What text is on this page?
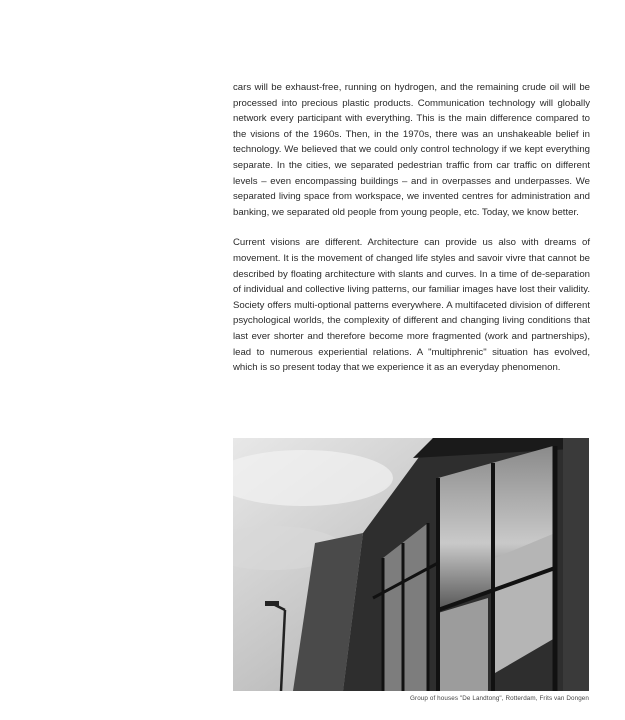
cars will be exhaust-free, running on hydrogen, and the remaining crude oil will be processed into precious plastic products. Communication technology will globally network every participant with everything. This is the main difference compared to the visions of the 1960s. Then, in the 1970s, there was an unshakeable belief in technology. We believed that we could only control technology if we kept everything separate. In the cities, we separated pedestrian traffic from car traffic on different levels – even encompassing buildings – and in overpasses and underpasses. We separated living space from workspace, we invented centres for administration and banking, we separated old people from young people, etc. Today, we know better.

Current visions are different. Architecture can provide us also with dreams of movement. It is the movement of changed life styles and savoir vivre that cannot be described by floating architecture with slants and curves. In a time of de-separation of individual and collective living patterns, our familiar images have lost their validity. Society offers multi-optional patterns everywhere. A multifaceted division of different psychological worlds, the complexity of different and changing living conditions that last ever shorter and therefore become more fragmented (work and partnerships), lead to numerous experiential relations. A "multiphrenic" situation has evolved, which is so present today that we experience it as an everyday phenomenon.

Group of houses "De Landtong", Rotterdam, Frits van Dongen
